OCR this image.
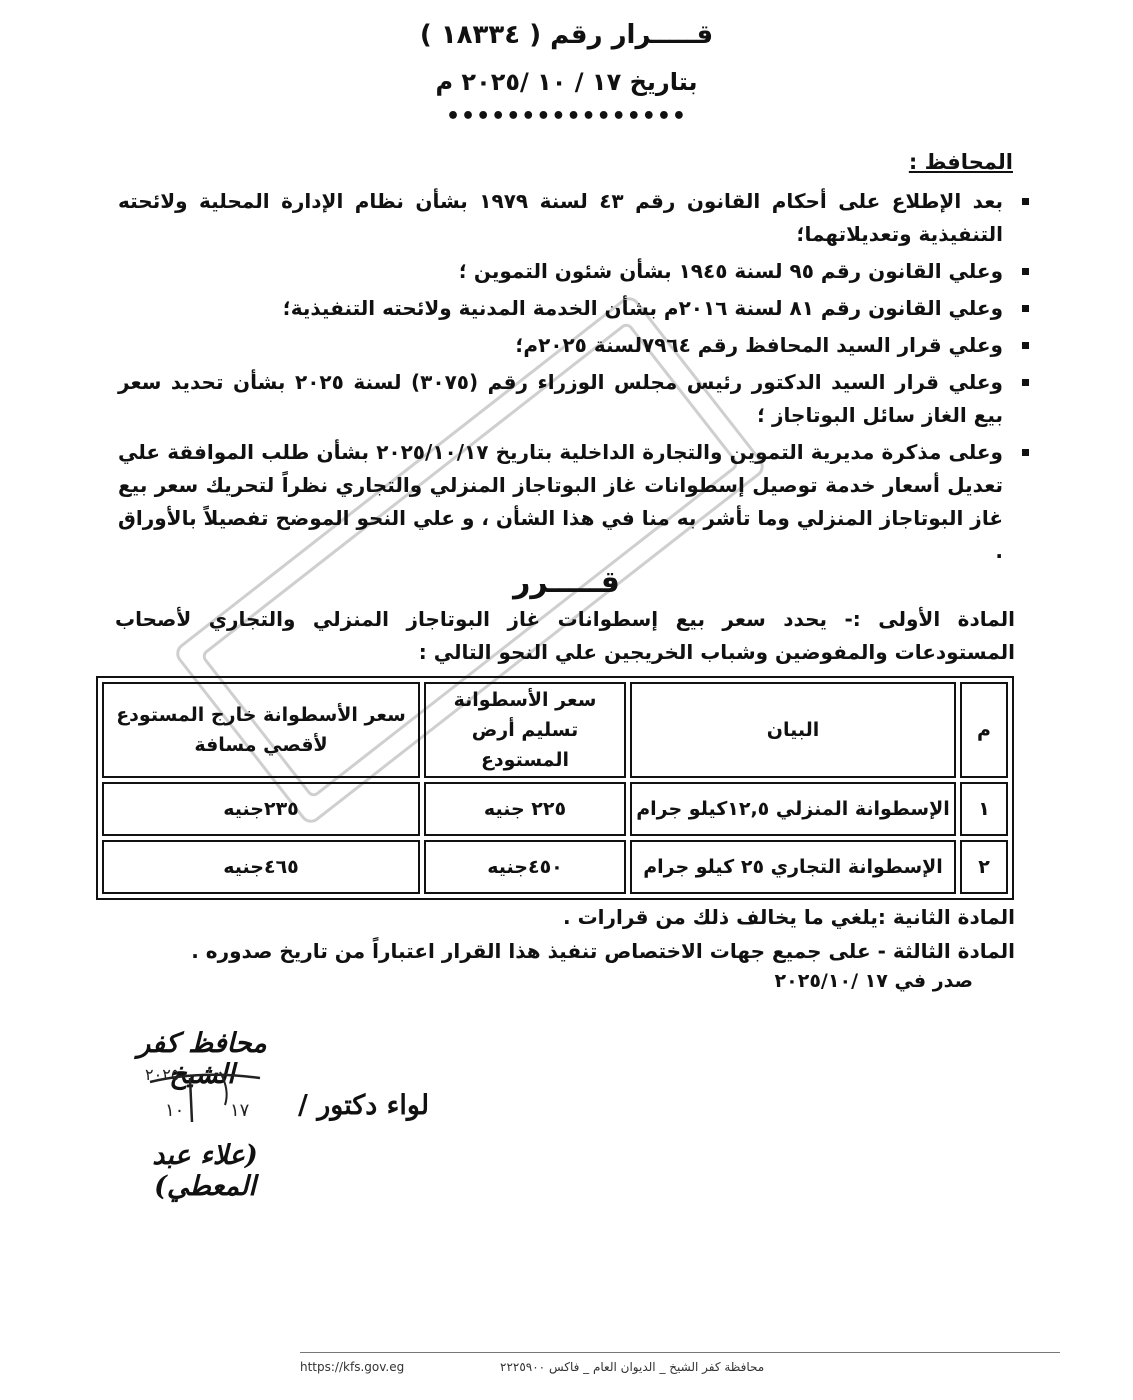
قـــــرار رقم ( ١٨٣٣٤ )
بتاريخ ١٧ / ١٠ /٢٠٢٥ م
••••••••••••••••
المحافظ :
بعد الإطلاع على أحكام القانون رقم ٤٣ لسنة ١٩٧٩ بشأن نظام الإدارة المحلية ولائحته التنفيذية وتعديلاتهما؛
وعلي القانون رقم ٩٥ لسنة ١٩٤٥ بشأن شئون التموين ؛
وعلي القانون رقم ٨١ لسنة ٢٠١٦م بشأن الخدمة المدنية ولائحته التنفيذية؛
وعلي قرار السيد المحافظ رقم ٧٩٦٤لسنة ٢٠٢٥م؛
وعلي قرار السيد الدكتور رئيس مجلس الوزراء رقم (٣٠٧٥) لسنة ٢٠٢٥ بشأن تحديد سعر بيع الغاز سائل البوتاجاز ؛
وعلى مذكرة مديرية التموين والتجارة الداخلية بتاريخ ٢٠٢٥/١٠/١٧ بشأن طلب الموافقة علي تعديل أسعار خدمة توصيل إسطوانات غاز البوتاجاز المنزلي والتجاري نظراً لتحريك سعر بيع غاز البوتاجاز المنزلي وما تأشر به منا في هذا الشأن ، و علي النحو الموضح تفصيلاً بالأوراق .
قـــــرر
المادة الأولى :- يحدد سعر بيع إسطوانات غاز البوتاجاز المنزلي والتجاري لأصحاب المستودعات والمفوضين وشباب الخريجين علي النحو التالي :
م	البيان	سعر الأسطوانة تسليم أرض المستودع	سعر الأسطوانة خارج المستودع لأقصي مسافة
١	الإسطوانة المنزلي ١٢,٥كيلو جرام	٢٢٥ جنيه	٢٣٥جنيه
٢	الإسطوانة التجاري ٢٥ كيلو جرام	٤٥٠جنيه	٤٦٥جنيه
المادة الثانية :يلغي ما يخالف ذلك من قرارات .
المادة الثالثة - على جميع جهات الاختصاص تنفيذ هذا القرار اعتباراً من تاريخ صدوره .
صدر في ١٧ /٢٠٢٥/١٠
محافظ كفر الشيخ
٢٠٢٥
١٠	١٧ لواء دكتور /
(علاء عبد المعطي)
https://kfs.gov.eg	محافظة كفر الشيخ _ الديوان العام _ فاكس ٢٢٢٥٩٠٠
